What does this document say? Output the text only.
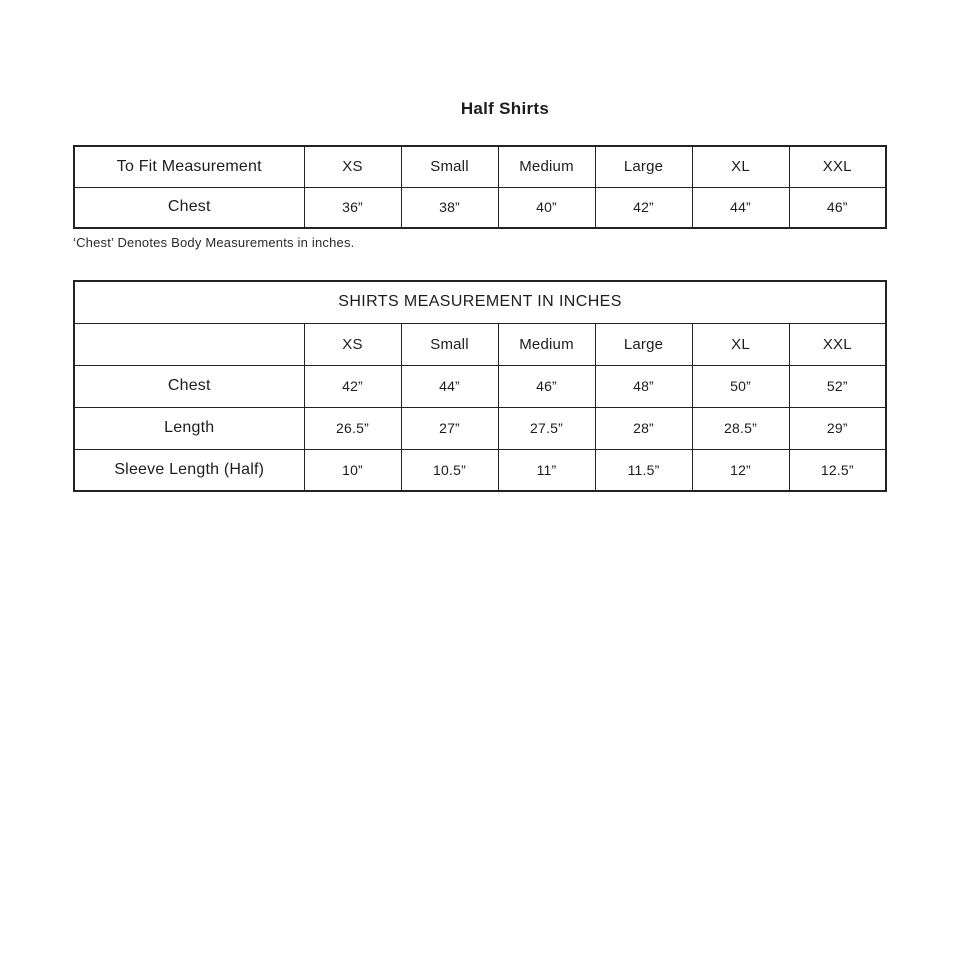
Half Shirts
To Fit Measurement	XS	Small	Medium	Large	XL	XXL
Chest	36”	38”	40”	42”	44”	46”
‘Chest’ Denotes Body Measurements in inches.
SHIRTS MEASUREMENT IN INCHES						
	XS	Small	Medium	Large	XL	XXL
Chest	42”	44”	46”	48”	50”	52”
Length	26.5”	27”	27.5”	28”	28.5”	29”
Sleeve Length (Half)	10”	10.5”	11”	11.5”	12”	12.5”
